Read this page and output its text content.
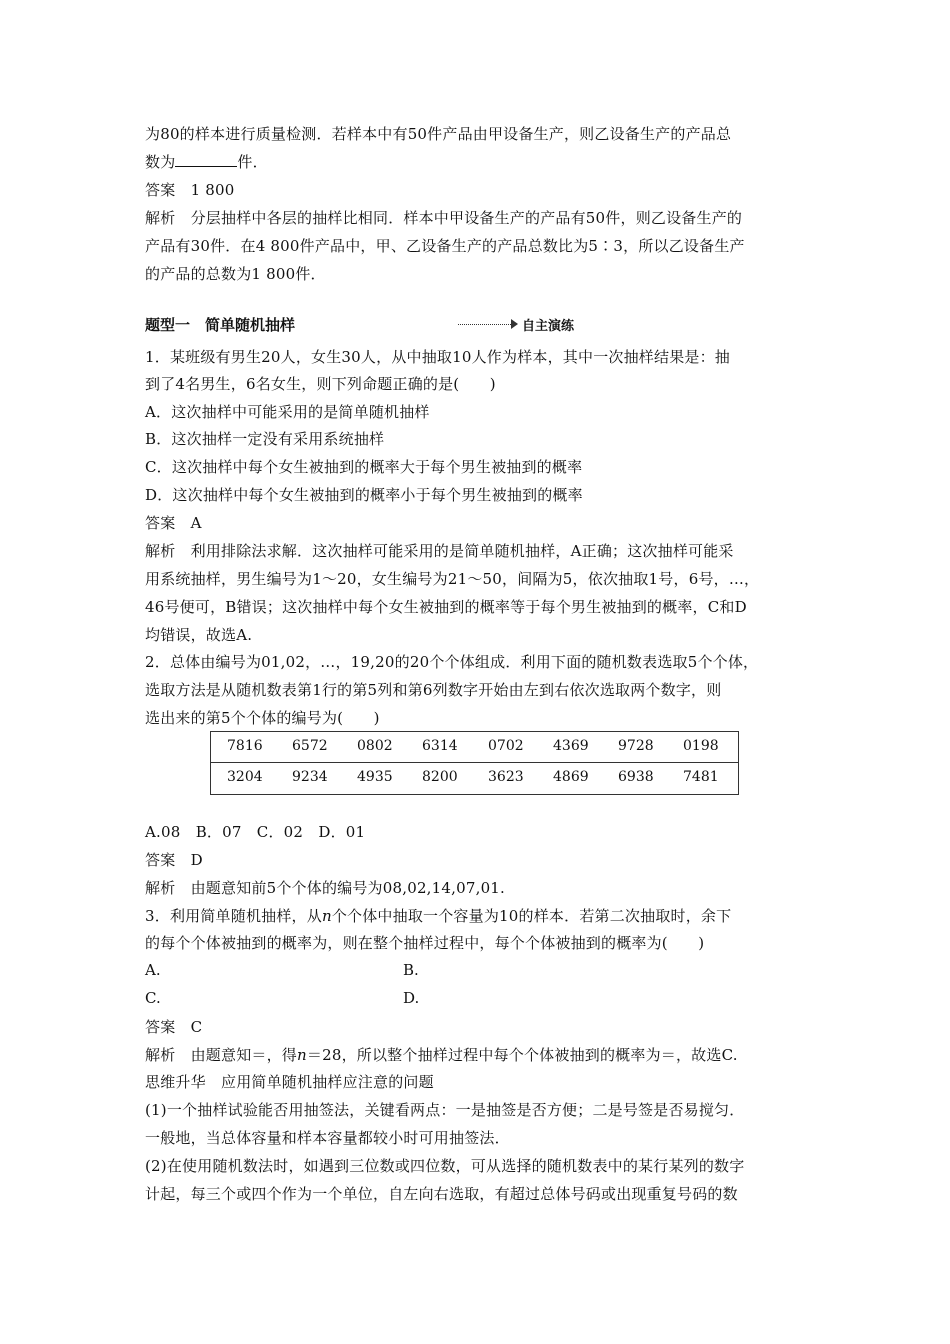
为80的样本进行质量检测．若样本中有50件产品由甲设备生产，则乙设备生产的产品总
数为	件．
答案　1 800
解析　分层抽样中各层的抽样比相同．样本中甲设备生产的产品有50件，则乙设备生产的
产品有30件．在4 800件产品中，甲、乙设备生产的产品总数比为5∶3，所以乙设备生产
的产品的总数为1 800件．
题型一　简单随机抽样	自主演练
1．某班级有男生20人，女生30人，从中抽取10人作为样本，其中一次抽样结果是：抽
到了4名男生，6名女生，则下列命题正确的是(　　)
A．这次抽样中可能采用的是简单随机抽样
B．这次抽样一定没有采用系统抽样
C．这次抽样中每个女生被抽到的概率大于每个男生被抽到的概率
D．这次抽样中每个女生被抽到的概率小于每个男生被抽到的概率
答案　A
解析　利用排除法求解．这次抽样可能采用的是简单随机抽样，A正确；这次抽样可能采
用系统抽样，男生编号为1～20，女生编号为21～50，间隔为5，依次抽取1号，6号，…，
46号便可，B错误；这次抽样中每个女生被抽到的概率等于每个男生被抽到的概率，C和D
均错误，故选A.
2．总体由编号为01,02，…，19,20的20个个体组成．利用下面的随机数表选取5个个体，
选取方法是从随机数表第1行的第5列和第6列数字开始由左到右依次选取两个数字，则
选出来的第5个个体的编号为(　　)
7816 6572 0802 6314 0702 4369 9728 0198
3204 9234 4935 8200 3623 4869 6938 7481
A.08　B．07　C．02　D．01
答案　D
解析　由题意知前5个个体的编号为08,02,14,07,01.
3．利用简单随机抽样，从n个个体中抽取一个容量为10的样本．若第二次抽取时，余下
的每个个体被抽到的概率为，则在整个抽样过程中，每个个体被抽到的概率为(　　)
A.	B.
C.	D.
答案　C
解析　由题意知＝，得n＝28，所以整个抽样过程中每个个体被抽到的概率为＝，故选C.
思维升华　应用简单随机抽样应注意的问题
(1)一个抽样试验能否用抽签法，关键看两点：一是抽签是否方便；二是号签是否易搅匀．
一般地，当总体容量和样本容量都较小时可用抽签法．
(2)在使用随机数法时，如遇到三位数或四位数，可从选择的随机数表中的某行某列的数字
计起，每三个或四个作为一个单位，自左向右选取，有超过总体号码或出现重复号码的数
